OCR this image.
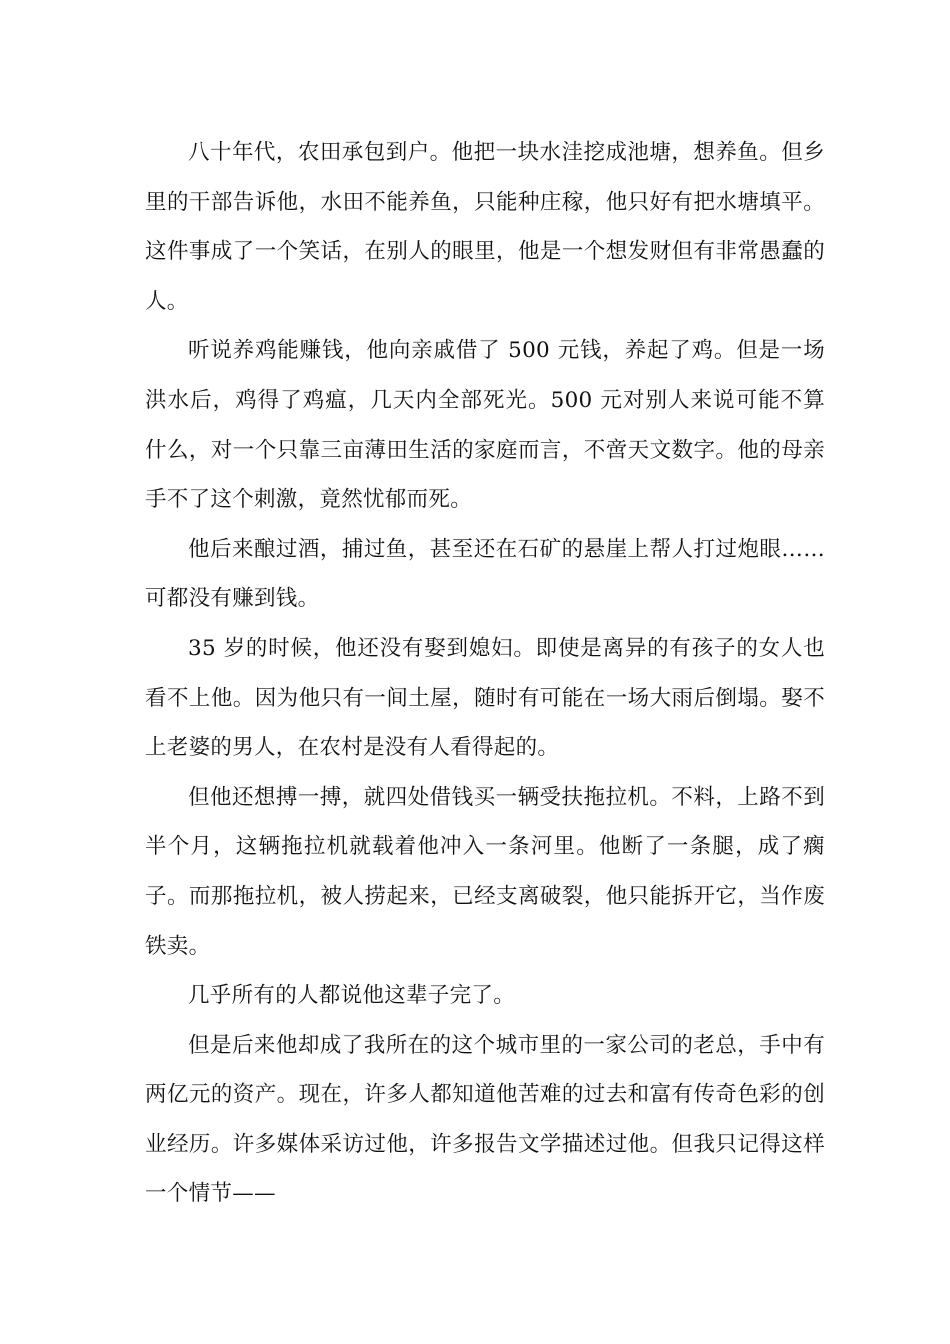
八十年代，农田承包到户。他把一块水洼挖成池塘，想养鱼。但乡里的干部告诉他，水田不能养鱼，只能种庄稼，他只好有把水塘填平。这件事成了一个笑话，在别人的眼里，他是一个想发财但有非常愚蠢的人。

听说养鸡能赚钱，他向亲戚借了 500 元钱，养起了鸡。但是一场洪水后，鸡得了鸡瘟，几天内全部死光。500 元对别人来说可能不算什么，对一个只靠三亩薄田生活的家庭而言，不啻天文数字。他的母亲手不了这个刺激，竟然忧郁而死。

他后来酿过酒，捕过鱼，甚至还在石矿的悬崖上帮人打过炮眼……可都没有赚到钱。

35 岁的时候，他还没有娶到媳妇。即使是离异的有孩子的女人也看不上他。因为他只有一间土屋，随时有可能在一场大雨后倒塌。娶不上老婆的男人，在农村是没有人看得起的。

但他还想搏一搏，就四处借钱买一辆受扶拖拉机。不料，上路不到半个月，这辆拖拉机就载着他冲入一条河里。他断了一条腿，成了瘸子。而那拖拉机，被人捞起来，已经支离破裂，他只能拆开它，当作废铁卖。

几乎所有的人都说他这辈子完了。

但是后来他却成了我所在的这个城市里的一家公司的老总，手中有两亿元的资产。现在，许多人都知道他苦难的过去和富有传奇色彩的创业经历。许多媒体采访过他，许多报告文学描述过他。但我只记得这样一个情节——
